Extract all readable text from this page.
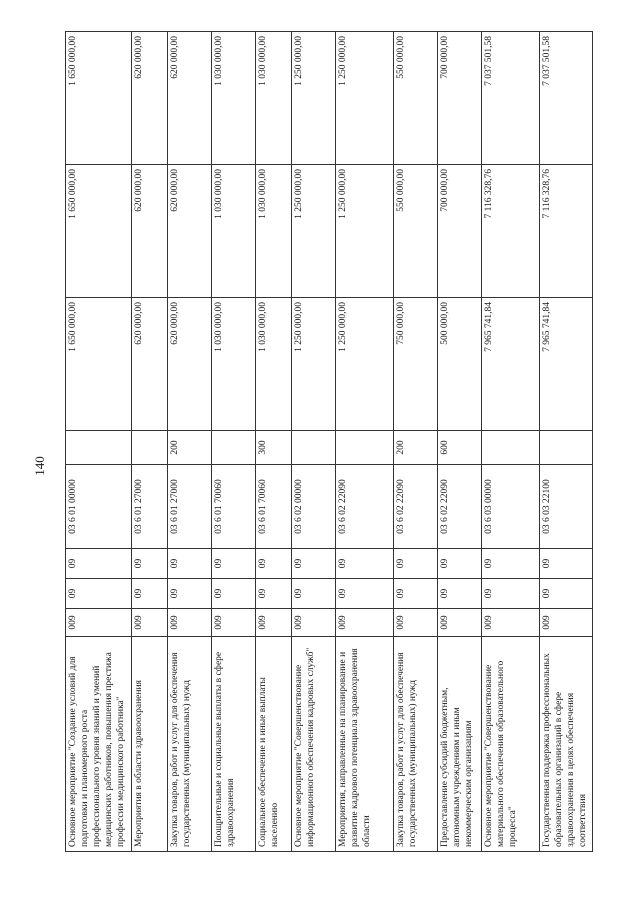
140
Основное мероприятие "Создание условий для подготовки и планомерного роста профессионального уровня знаний и умений медицинских работников, повышения престижа профессии медицинского работника"	009	09	09	03 6 01 00000		1 650 000,00	1 650 000,00	1 650 000,00
Мероприятия в области здравоохранения	009	09	09	03 6 01 27000		620 000,00	620 000,00	620 000,00
Закупка товаров, работ и услуг для обеспечения государственных (муниципальных) нужд	009	09	09	03 6 01 27000	200	620 000,00	620 000,00	620 000,00
Поощрительные и социальные выплаты в сфере здравоохранения	009	09	09	03 6 01 70060		1 030 000,00	1 030 000,00	1 030 000,00
Социальное обеспечение и иные выплаты населению	009	09	09	03 6 01 70060	300	1 030 000,00	1 030 000,00	1 030 000,00
Основное мероприятие "Совершенствование информационного обеспечения кадровых служб"	009	09	09	03 6 02 00000		1 250 000,00	1 250 000,00	1 250 000,00
Мероприятия, направленные на планирование и развитие кадрового потенциала здравоохранения области	009	09	09	03 6 02 22090		1 250 000,00	1 250 000,00	1 250 000,00
Закупка товаров, работ и услуг для обеспечения государственных (муниципальных) нужд	009	09	09	03 6 02 22090	200	750 000,00	550 000,00	550 000,00
Предоставление субсидий бюджетным, автономным учреждениям и иным некоммерческим организациям	009	09	09	03 6 02 22090	600	500 000,00	700 000,00	700 000,00
Основное мероприятие "Совершенствование материального обеспечения образовательного процесса"	009	09	09	03 6 03 00000		7 965 741,84	7 116 328,76	7 037 501,58
Государственная поддержка профессиональных образовательных организаций в сфере здравоохранения в целях обеспечения соответствия	009	09	09	03 6 03 22100		7 965 741,84	7 116 328,76	7 037 501,58
